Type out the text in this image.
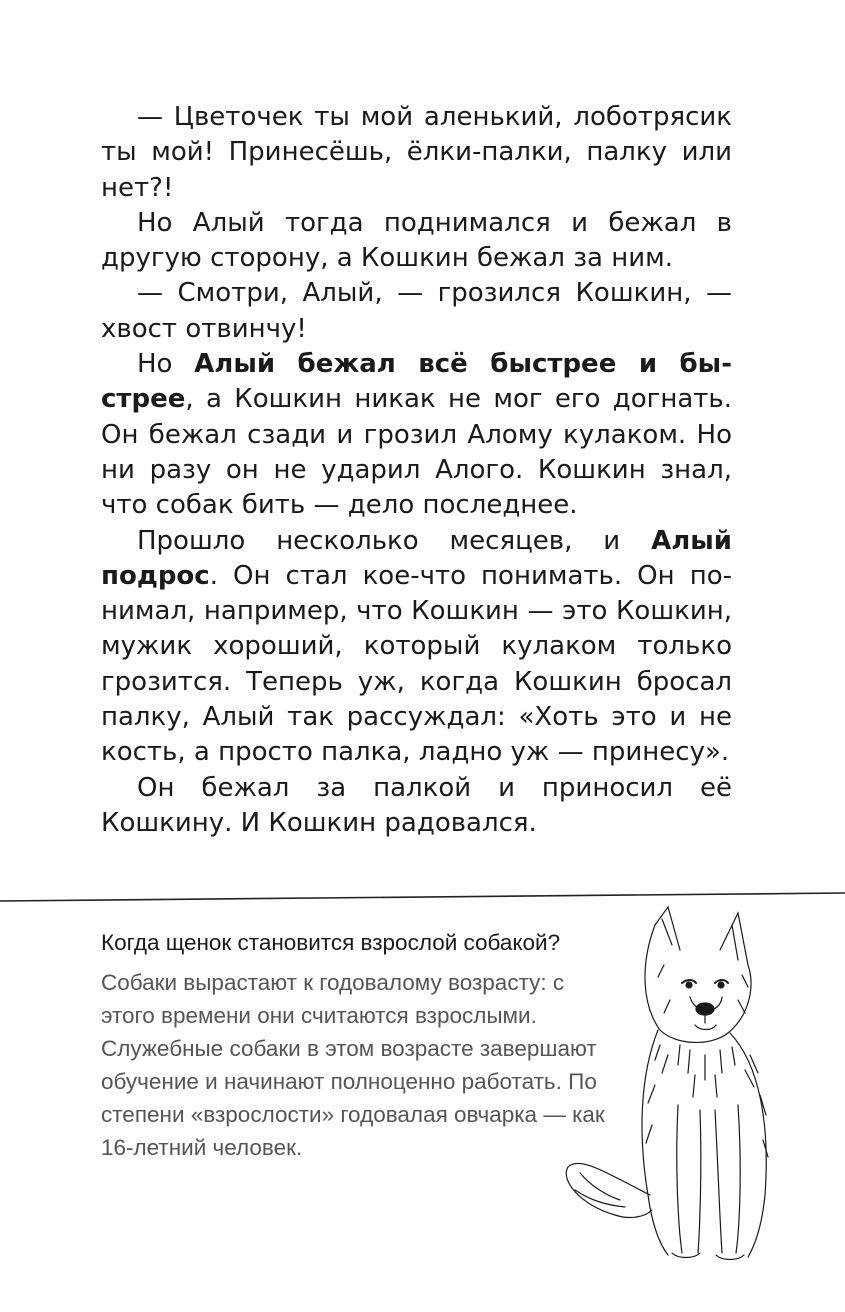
— Цветочек ты мой аленький, лоботрясик ты мой! Принесёшь, ёлки-палки, палку или нет?!

Но Алый тогда поднимался и бежал в другую сторону, а Кошкин бежал за ним.

— Смотри, Алый, — грозился Кошкин, — хвост отвинчу!

Но Алый бежал всё быстрее и быстрее, а Кошкин никак не мог его догнать. Он бежал сзади и грозил Алому кулаком. Но ни разу он не ударил Алого. Кошкин знал, что собак бить — дело последнее.

Прошло несколько месяцев, и Алый подрос. Он стал кое-что понимать. Он понимал, например, что Кошкин — это Кошкин, мужик хороший, который кулаком только грозится. Теперь уж, когда Кошкин бросал палку, Алый так рассуждал: «Хоть это и не кость, а просто палка, ладно уж — принесу».

Он бежал за палкой и приносил её Кошкину. И Кошкин радовался.

Когда щенок становится взрослой собакой?
Собаки вырастают к годовалому возрасту: с этого времени они считаются взрослыми. Служебные собаки в этом возрасте завершают обучение и начинают полноценно работать. По степени «взрослости» годовалая овчарка — как 16-летний человек.
